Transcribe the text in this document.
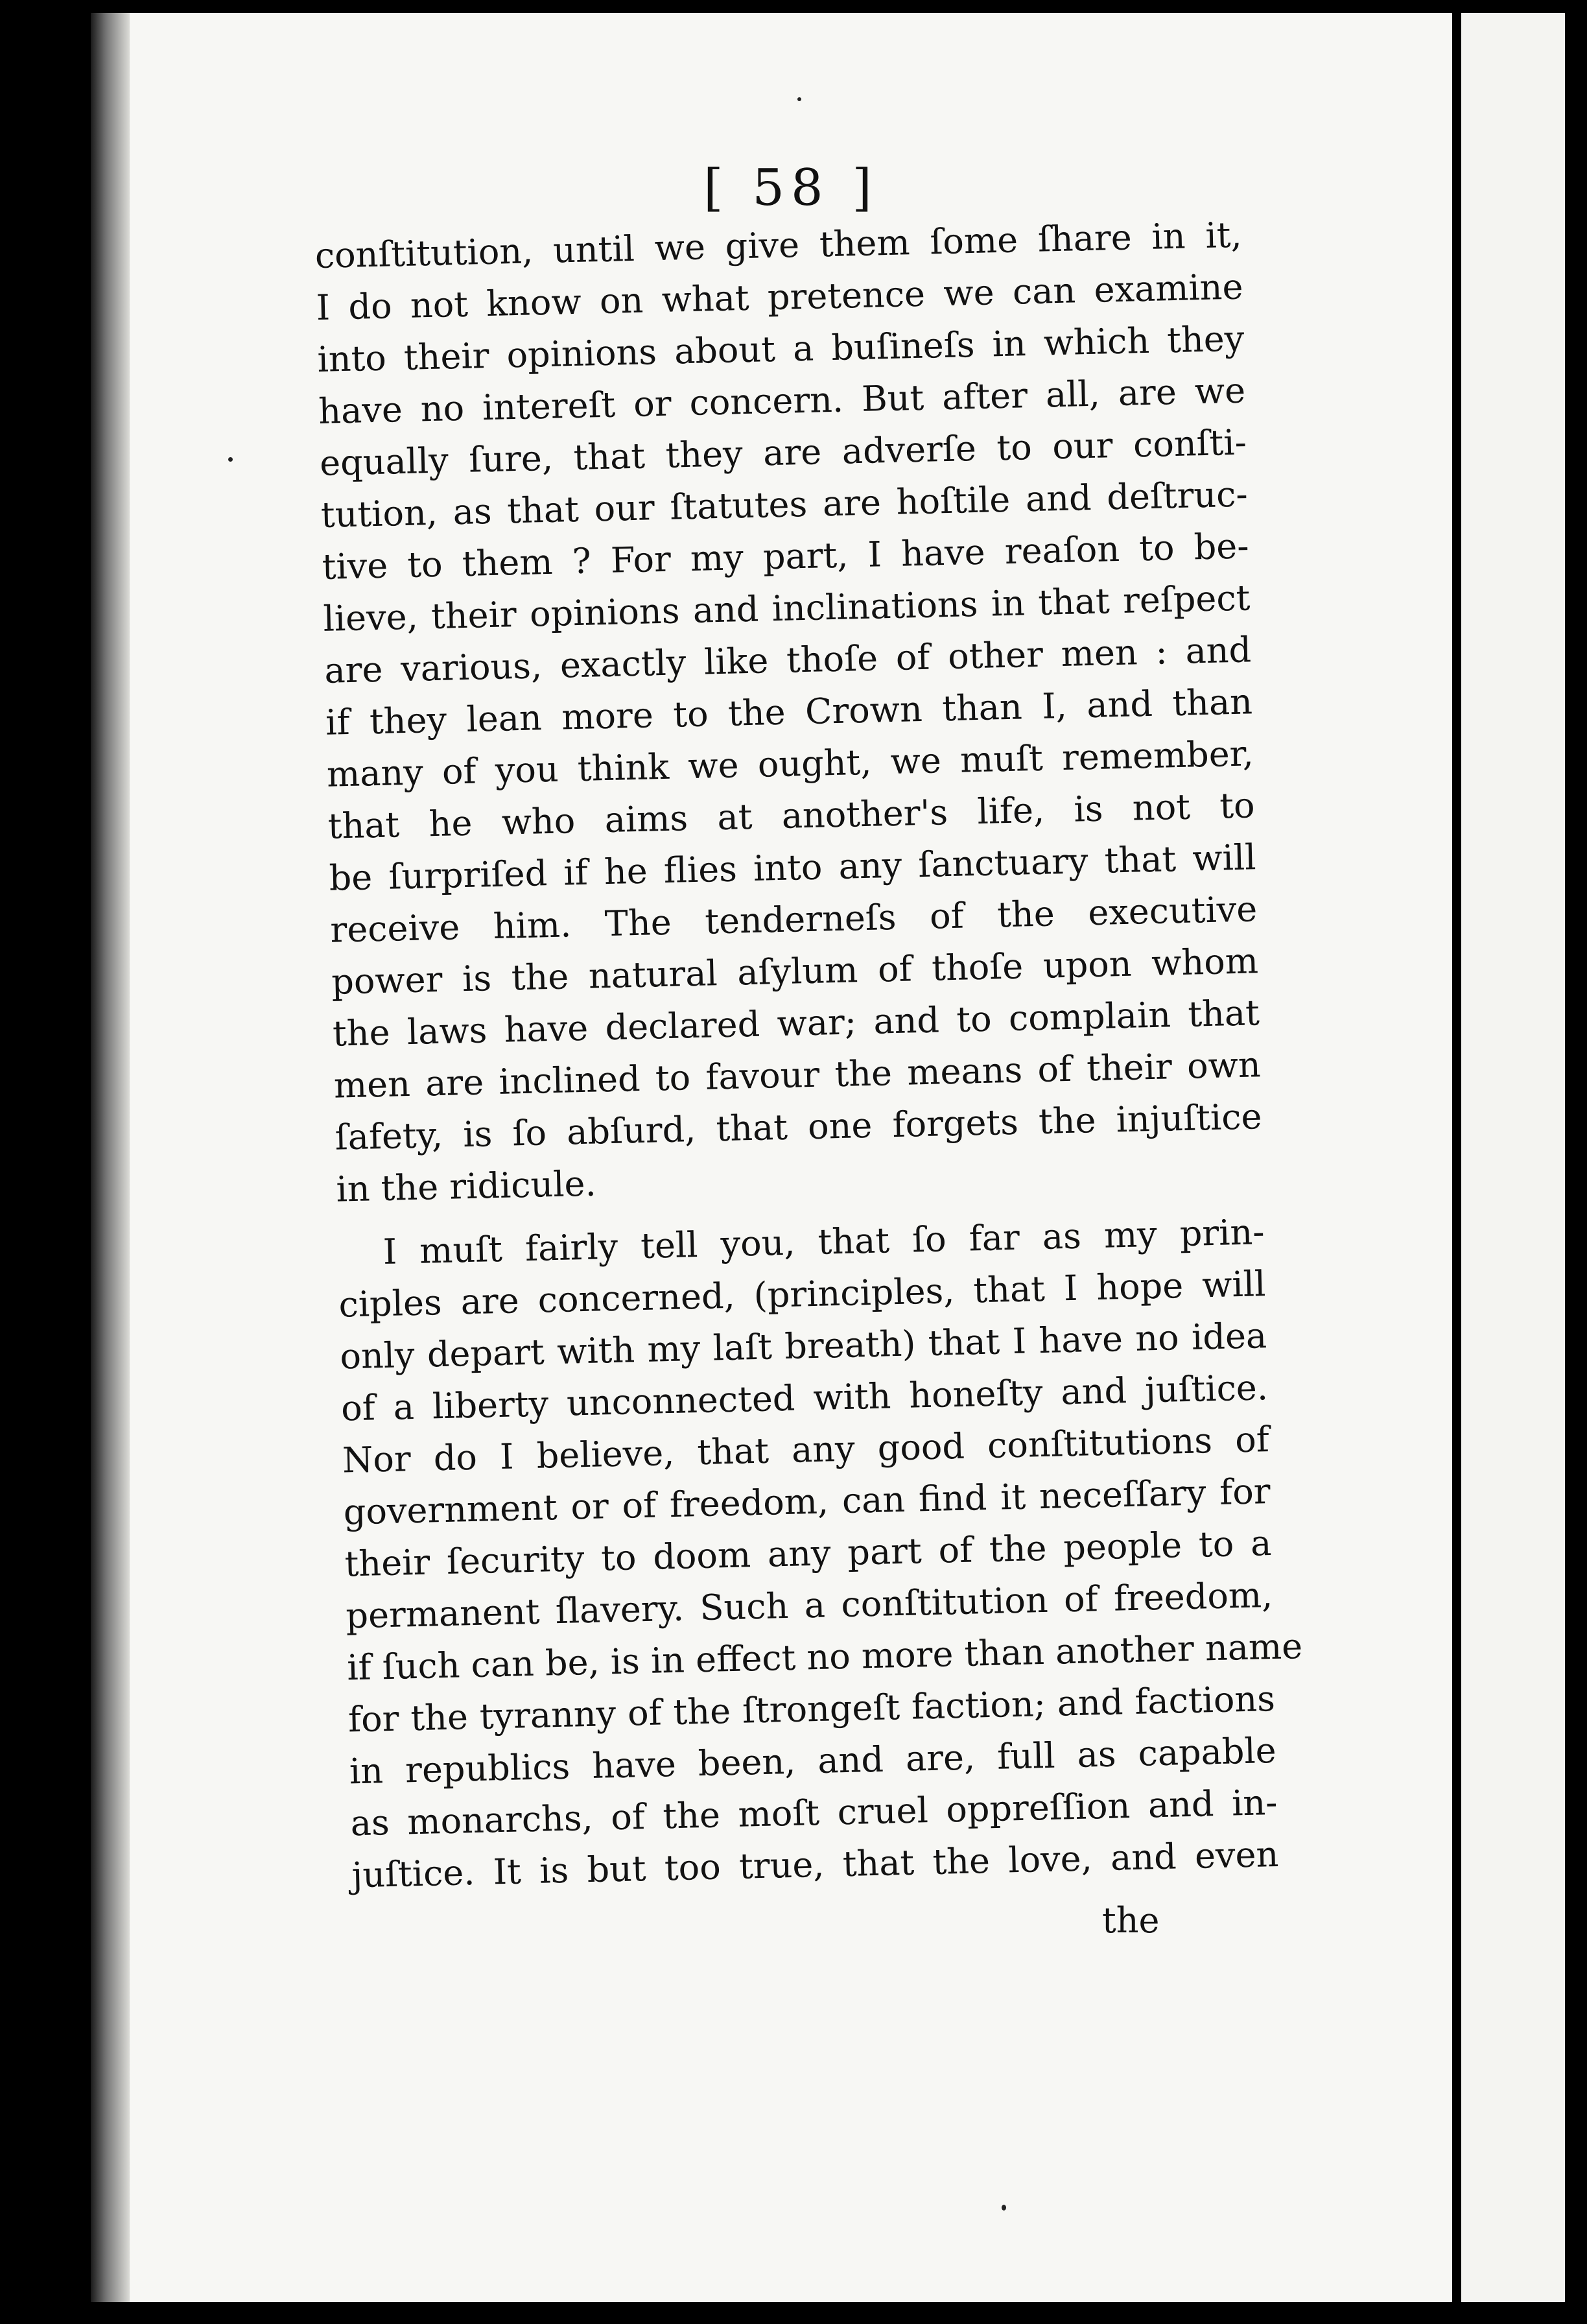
[ 58 ]
conſtitution, until we give them ſome ſhare in it,
I do not know on what pretence we can examine
into their opinions about a buſineſs in which they
have no intereſt or concern. But after all, are we
equally ſure, that they are adverſe to our conſti-
tution, as that our ſtatutes are hoſtile and deſtruc-
tive to them ? For my part, I have reaſon to be-
lieve, their opinions and inclinations in that reſpect
are various, exactly like thoſe of other men : and
if they lean more to the Crown than I, and than
many of you think we ought, we muſt remember,
that he who aims at another's life, is not to
be ſurpriſed if he flies into any ſanctuary that will
receive him. The tenderneſs of the executive
power is the natural aſylum of thoſe upon whom
the laws have declared war; and to complain that
men are inclined to favour the means of their own
ſafety, is ſo abſurd, that one forgets the injuſtice
in the ridicule.
I muſt fairly tell you, that ſo far as my prin-
ciples are concerned, (principles, that I hope will
only depart with my laſt breath) that I have no idea
of a liberty unconnected with honeſty and juſtice.
Nor do I believe, that any good conſtitutions of
government or of freedom, can find it neceſſary for
their ſecurity to doom any part of the people to a
permanent ſlavery. Such a conſtitution of freedom,
if ſuch can be, is in effect no more than another name
for the tyranny of the ſtrongeſt faction; and factions
in republics have been, and are, full as capable
as monarchs, of the moſt cruel oppreſſion and in-
juſtice. It is but too true, that the love, and even
the
